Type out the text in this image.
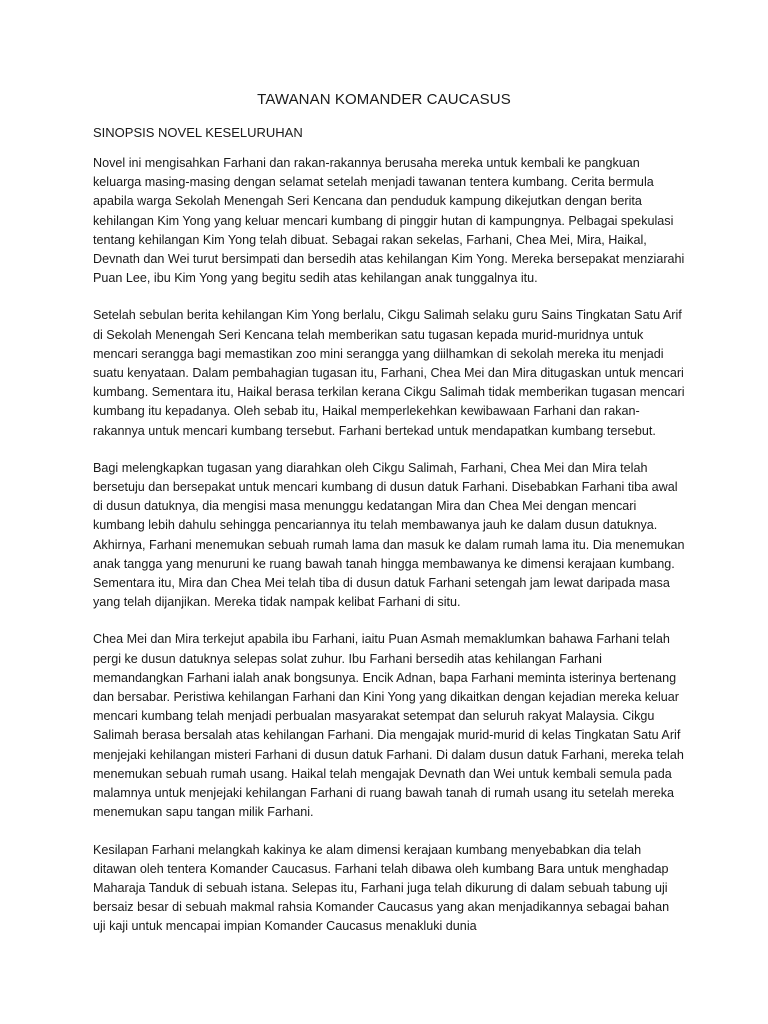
TAWANAN KOMANDER CAUCASUS
SINOPSIS NOVEL KESELURUHAN

Novel ini mengisahkan Farhani dan rakan-rakannya berusaha mereka untuk kembali ke pangkuan keluarga masing-masing dengan selamat setelah menjadi tawanan tentera kumbang. Cerita bermula apabila warga Sekolah Menengah Seri Kencana dan penduduk kampung dikejutkan dengan berita kehilangan Kim Yong yang keluar mencari kumbang di pinggir hutan di kampungnya. Pelbagai spekulasi tentang kehilangan Kim Yong telah dibuat. Sebagai rakan sekelas, Farhani, Chea Mei, Mira, Haikal, Devnath dan Wei turut bersimpati dan bersedih atas kehilangan Kim Yong. Mereka bersepakat menziarahi Puan Lee, ibu Kim Yong yang begitu sedih atas kehilangan anak tunggalnya itu.

Setelah sebulan berita kehilangan Kim Yong berlalu, Cikgu Salimah selaku guru Sains Tingkatan Satu Arif di Sekolah Menengah Seri Kencana telah memberikan satu tugasan kepada murid-muridnya untuk mencari serangga bagi memastikan zoo mini serangga yang diilhamkan di sekolah mereka itu menjadi suatu kenyataan. Dalam pembahagian tugasan itu, Farhani, Chea Mei dan Mira ditugaskan untuk mencari kumbang. Sementara itu, Haikal berasa terkilan kerana Cikgu Salimah tidak memberikan tugasan mencari kumbang itu kepadanya. Oleh sebab itu, Haikal memperlekehkan kewibawaan Farhani dan rakan-rakannya untuk mencari kumbang tersebut. Farhani bertekad untuk mendapatkan kumbang tersebut.

Bagi melengkapkan tugasan yang diarahkan oleh Cikgu Salimah, Farhani, Chea Mei dan Mira telah bersetuju dan bersepakat untuk mencari kumbang di dusun datuk Farhani. Disebabkan Farhani tiba awal di dusun datuknya, dia mengisi masa menunggu kedatangan Mira dan Chea Mei dengan mencari kumbang lebih dahulu sehingga pencariannya itu telah membawanya jauh ke dalam dusun datuknya. Akhirnya, Farhani menemukan sebuah rumah lama dan masuk ke dalam rumah lama itu. Dia menemukan anak tangga yang menuruni ke ruang bawah tanah hingga membawanya ke dimensi kerajaan kumbang. Sementara itu, Mira dan Chea Mei telah tiba di dusun datuk Farhani setengah jam lewat daripada masa yang telah dijanjikan. Mereka tidak nampak kelibat Farhani di situ.

Chea Mei dan Mira terkejut apabila ibu Farhani, iaitu Puan Asmah memaklumkan bahawa Farhani telah pergi ke dusun datuknya selepas solat zuhur. Ibu Farhani bersedih atas kehilangan Farhani memandangkan Farhani ialah anak bongsunya. Encik Adnan, bapa Farhani meminta isterinya bertenang dan bersabar. Peristiwa kehilangan Farhani dan Kini Yong yang dikaitkan dengan kejadian mereka keluar mencari kumbang telah menjadi perbualan masyarakat setempat dan seluruh rakyat Malaysia. Cikgu Salimah berasa bersalah atas kehilangan Farhani. Dia mengajak murid-murid di kelas Tingkatan Satu Arif menjejaki kehilangan misteri Farhani di dusun datuk Farhani. Di dalam dusun datuk Farhani, mereka telah menemukan sebuah rumah usang. Haikal telah mengajak Devnath dan Wei untuk kembali semula pada malamnya untuk menjejaki kehilangan Farhani di ruang bawah tanah di rumah usang itu setelah mereka menemukan sapu tangan milik Farhani.

Kesilapan Farhani melangkah kakinya ke alam dimensi kerajaan kumbang menyebabkan dia telah ditawan oleh tentera Komander Caucasus. Farhani telah dibawa oleh kumbang Bara untuk menghadap Maharaja Tanduk di sebuah istana. Selepas itu, Farhani juga telah dikurung di dalam sebuah tabung uji bersaiz besar di sebuah makmal rahsia Komander Caucasus yang akan menjadikannya sebagai bahan uji kaji untuk mencapai impian Komander Caucasus menakluki dunia
